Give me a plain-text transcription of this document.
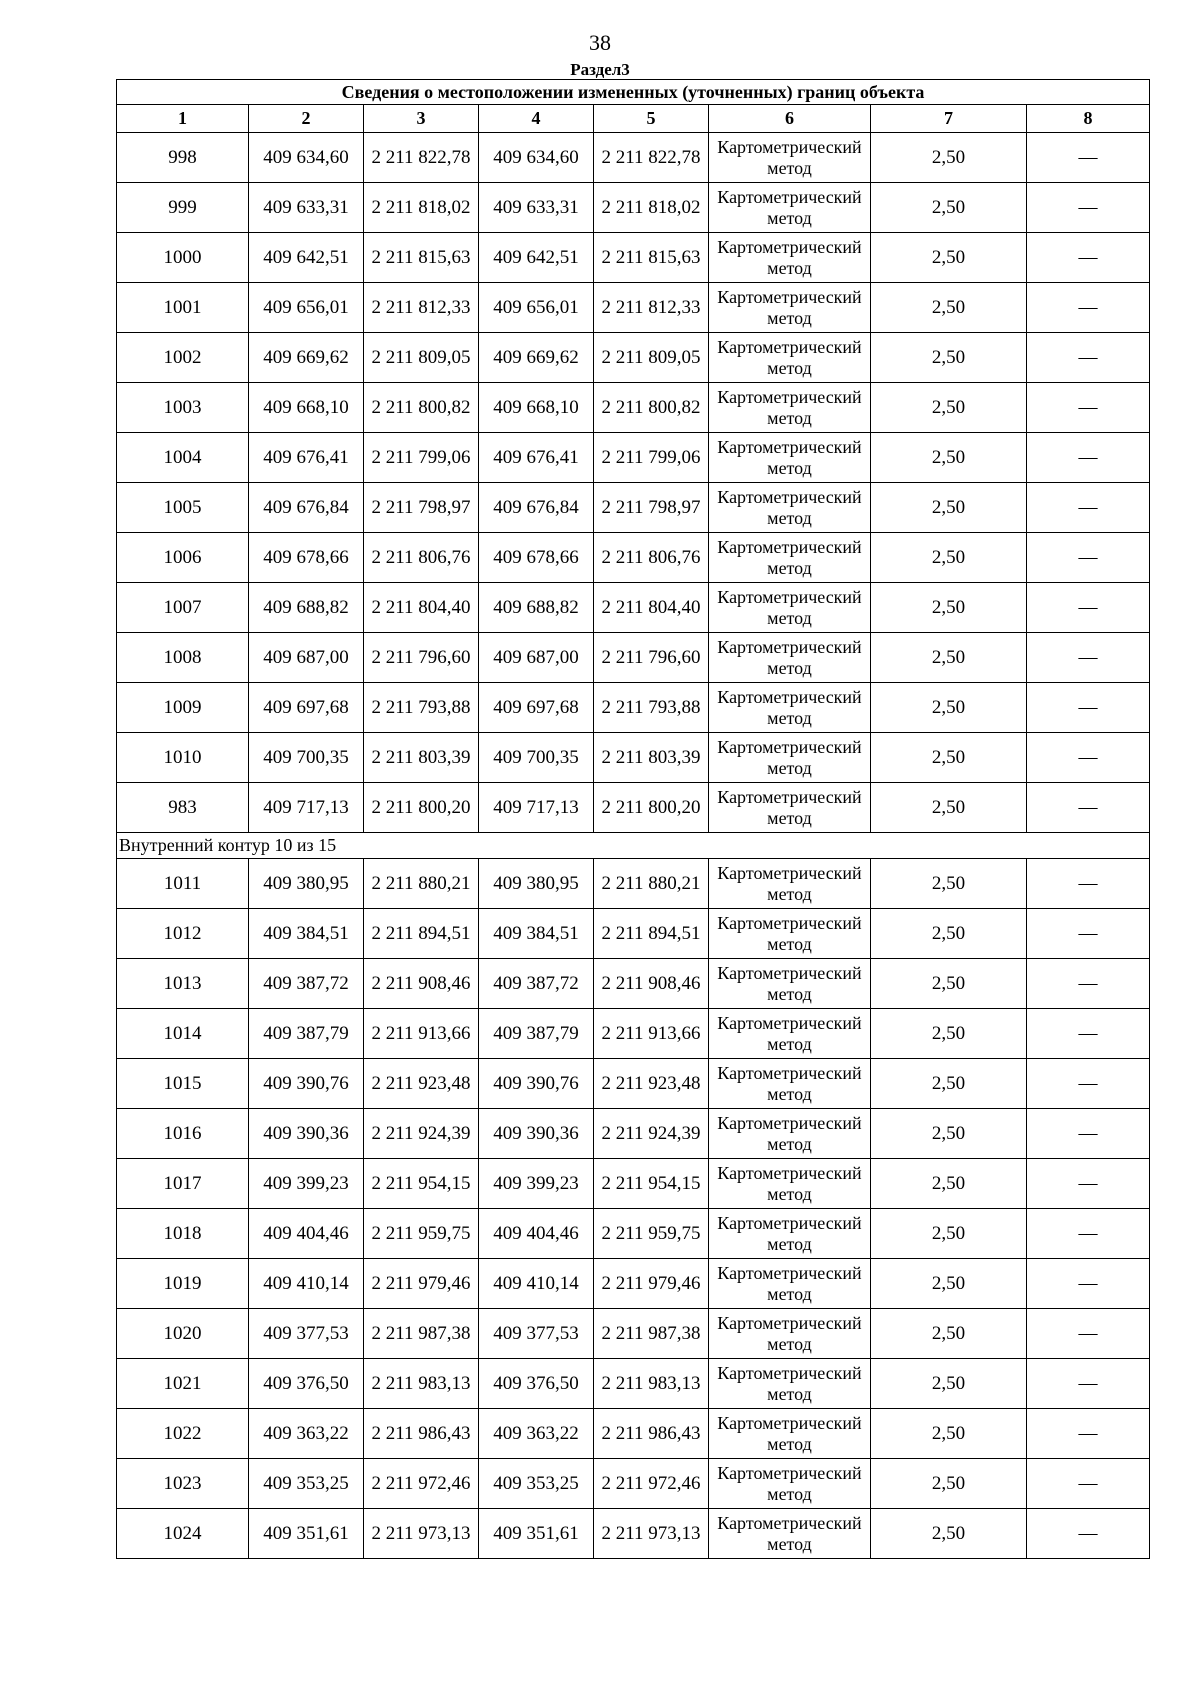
38
Раздел3
Сведения о местоположении измененных (уточненных) границ объекта							
1	2	3	4	5	6	7	8
998	409 634,60	2 211 822,78	409 634,60	2 211 822,78	Картометрический метод	2,50	—
999	409 633,31	2 211 818,02	409 633,31	2 211 818,02	Картометрический метод	2,50	—
1000	409 642,51	2 211 815,63	409 642,51	2 211 815,63	Картометрический метод	2,50	—
1001	409 656,01	2 211 812,33	409 656,01	2 211 812,33	Картометрический метод	2,50	—
1002	409 669,62	2 211 809,05	409 669,62	2 211 809,05	Картометрический метод	2,50	—
1003	409 668,10	2 211 800,82	409 668,10	2 211 800,82	Картометрический метод	2,50	—
1004	409 676,41	2 211 799,06	409 676,41	2 211 799,06	Картометрический метод	2,50	—
1005	409 676,84	2 211 798,97	409 676,84	2 211 798,97	Картометрический метод	2,50	—
1006	409 678,66	2 211 806,76	409 678,66	2 211 806,76	Картометрический метод	2,50	—
1007	409 688,82	2 211 804,40	409 688,82	2 211 804,40	Картометрический метод	2,50	—
1008	409 687,00	2 211 796,60	409 687,00	2 211 796,60	Картометрический метод	2,50	—
1009	409 697,68	2 211 793,88	409 697,68	2 211 793,88	Картометрический метод	2,50	—
1010	409 700,35	2 211 803,39	409 700,35	2 211 803,39	Картометрический метод	2,50	—
983	409 717,13	2 211 800,20	409 717,13	2 211 800,20	Картометрический метод	2,50	—
Внутренний контур 10 из 15							
1011	409 380,95	2 211 880,21	409 380,95	2 211 880,21	Картометрический метод	2,50	—
1012	409 384,51	2 211 894,51	409 384,51	2 211 894,51	Картометрический метод	2,50	—
1013	409 387,72	2 211 908,46	409 387,72	2 211 908,46	Картометрический метод	2,50	—
1014	409 387,79	2 211 913,66	409 387,79	2 211 913,66	Картометрический метод	2,50	—
1015	409 390,76	2 211 923,48	409 390,76	2 211 923,48	Картометрический метод	2,50	—
1016	409 390,36	2 211 924,39	409 390,36	2 211 924,39	Картометрический метод	2,50	—
1017	409 399,23	2 211 954,15	409 399,23	2 211 954,15	Картометрический метод	2,50	—
1018	409 404,46	2 211 959,75	409 404,46	2 211 959,75	Картометрический метод	2,50	—
1019	409 410,14	2 211 979,46	409 410,14	2 211 979,46	Картометрический метод	2,50	—
1020	409 377,53	2 211 987,38	409 377,53	2 211 987,38	Картометрический метод	2,50	—
1021	409 376,50	2 211 983,13	409 376,50	2 211 983,13	Картометрический метод	2,50	—
1022	409 363,22	2 211 986,43	409 363,22	2 211 986,43	Картометрический метод	2,50	—
1023	409 353,25	2 211 972,46	409 353,25	2 211 972,46	Картометрический метод	2,50	—
1024	409 351,61	2 211 973,13	409 351,61	2 211 973,13	Картометрический метод	2,50	—
